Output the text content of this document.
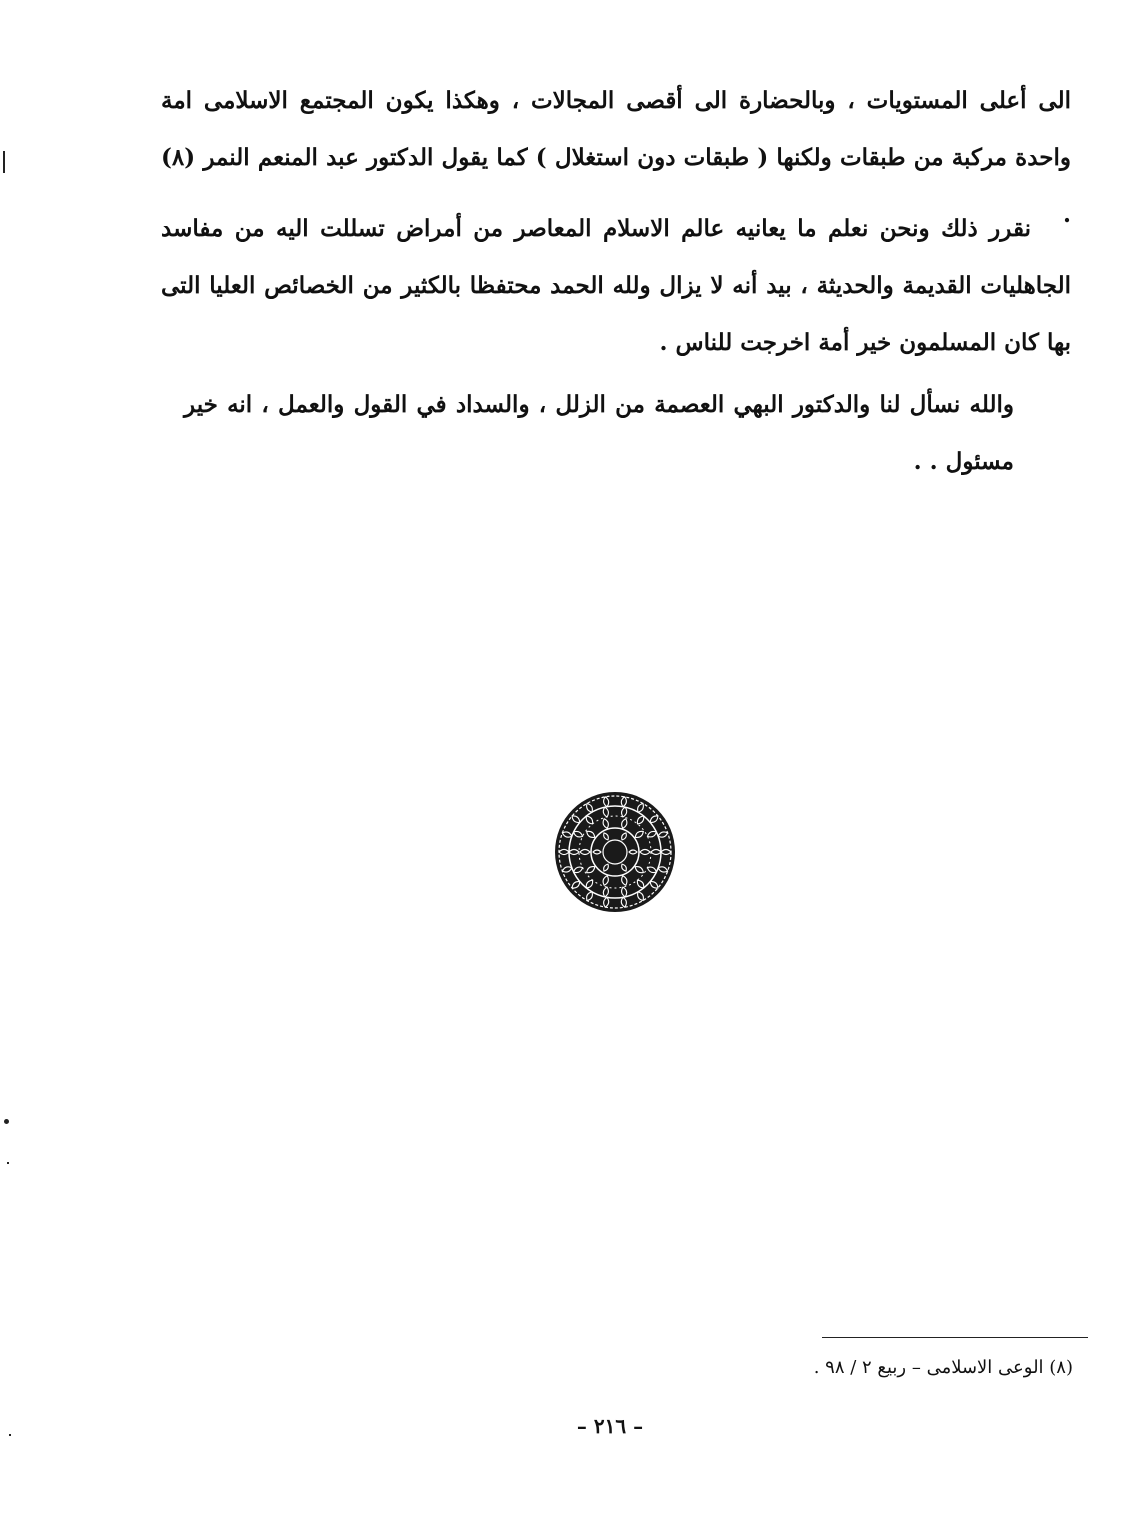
الى أعلى المستويات ، وبالحضارة الى أقصى المجالات ، وهكذا يكون المجتمع الاسلامى امة واحدة مركبة من طبقات ولكنها ( طبقات دون استغلال ) كما يقول الدكتور عبد المنعم النمر (٨) .

نقرر ذلك ونحن نعلم ما يعانيه عالم الاسلام المعاصر من أمراض تسللت اليه من مفاسد الجاهليات القديمة والحديثة ، بيد أنه لا يزال ولله الحمد محتفظا بالكثير من الخصائص العليا التى بها كان المسلمون خير أمة اخرجت للناس .

والله نسأل لنا والدكتور البهي العصمة من الزلل ، والسداد في القول والعمل ، انه خير مسئول . .

(٨) الوعى الاسلامى – ربيع ٢ / ٩٨ .

– ٢١٦ –
